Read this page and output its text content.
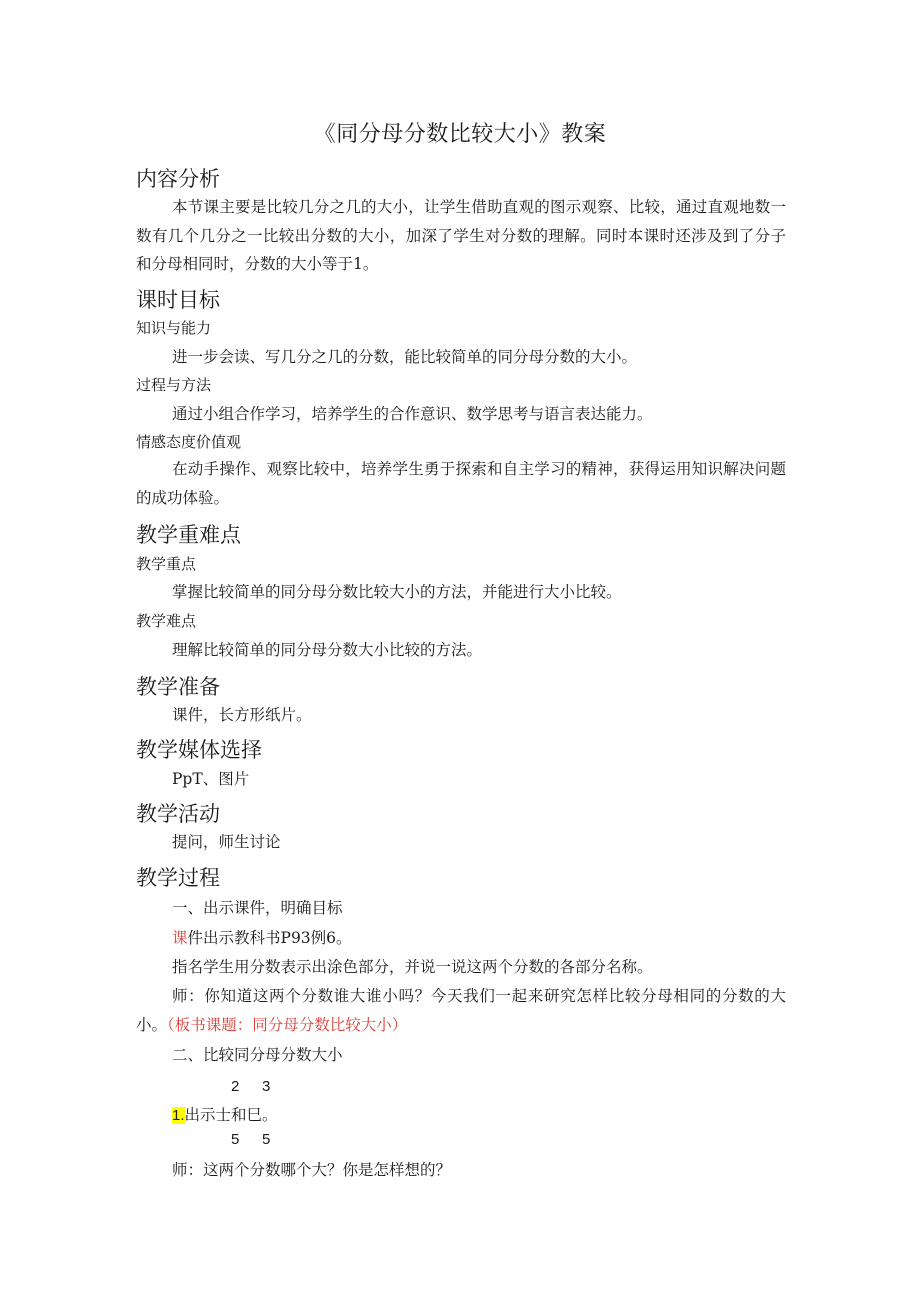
《同分母分数比较大小》教案
内容分析
本节课主要是比较几分之几的大小，让学生借助直观的图示观察、比较，通过直观地数一数有几个几分之一比较出分数的大小，加深了学生对分数的理解。同时本课时还涉及到了分子和分母相同时，分数的大小等于1。
课时目标
知识与能力
进一步会读、写几分之几的分数，能比较简单的同分母分数的大小。
过程与方法
通过小组合作学习，培养学生的合作意识、数学思考与语言表达能力。
情感态度价值观
在动手操作、观察比较中，培养学生勇于探索和自主学习的精神，获得运用知识解决问题的成功体验。
教学重难点
教学重点
掌握比较简单的同分母分数比较大小的方法，并能进行大小比较。
教学难点
理解比较简单的同分母分数大小比较的方法。
教学准备
课件，长方形纸片。
教学媒体选择
PpT、图片
教学活动
提问，师生讨论
教学过程
一、出示课件，明确目标
课件出示教科书P93例6。
指名学生用分数表示出涂色部分，并说一说这两个分数的各部分名称。
师：你知道这两个分数谁大谁小吗？今天我们一起来研究怎样比较分母相同的分数的大小。（板书课题：同分母分数比较大小）
二、比较同分母分数大小
2 3
1.出示士和巳。
5 5
师：这两个分数哪个大？你是怎样想的？
